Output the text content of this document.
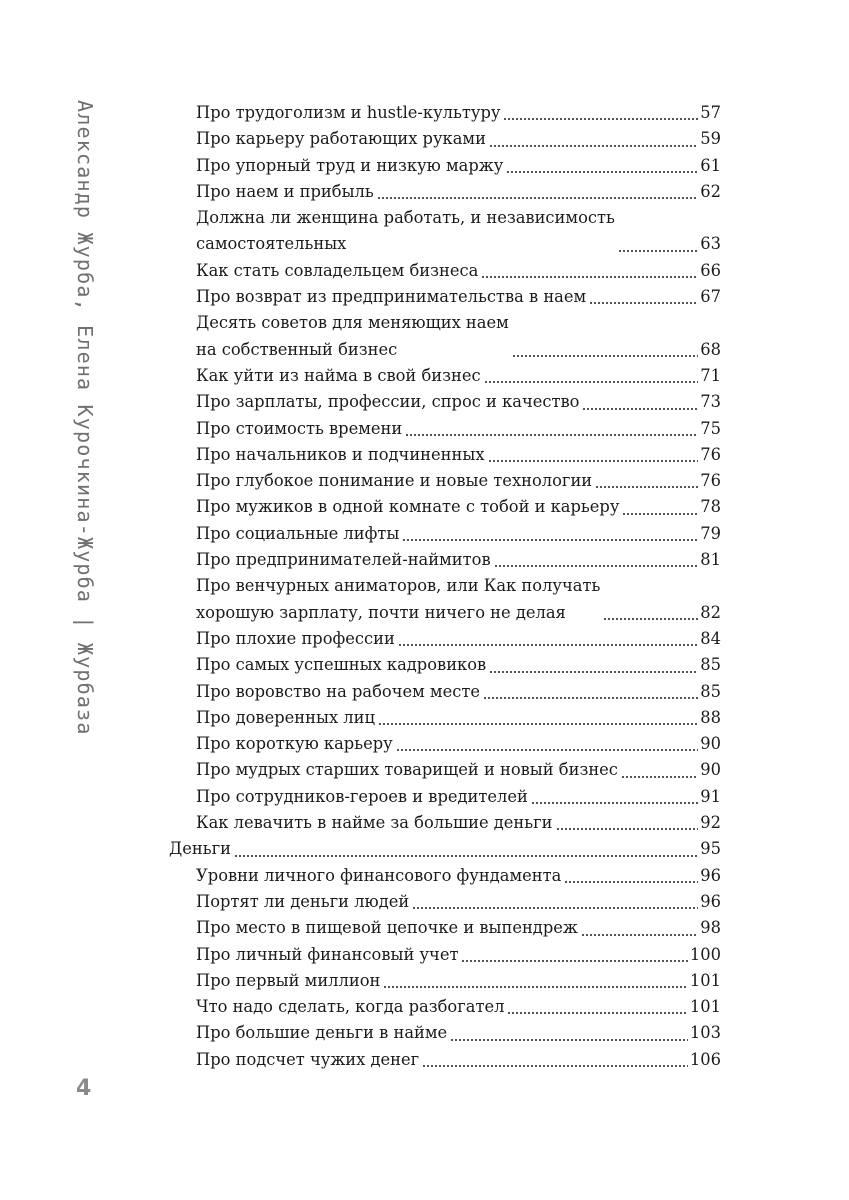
Александр Журба, Елена Курочкина-Журба | Журбаза	Про трудоголизм и hustle-культуру	57
Про карьеру работающих руками	59
Про упорный труд и низкую маржу	61
Про наем и прибыль	62
Должна ли женщина работать, и независимость
самостоятельных	63
Как стать совладельцем бизнеса	66
Про возврат из предпринимательства в наем	67
Десять советов для меняющих наем
на собственный бизнес	68
Как уйти из найма в свой бизнес	71
Про зарплаты, профессии, спрос и качество	73
Про стоимость времени	75
Про начальников и подчиненных	76
Про глубокое понимание и новые технологии	76
Про мужиков в одной комнате с тобой и карьеру	78
Про социальные лифты	79
Про предпринимателей-наймитов	81
Про венчурных аниматоров, или Как получать
хорошую зарплату, почти ничего не делая	82
Про плохие профессии	84
Про самых успешных кадровиков	85
Про воровство на рабочем месте	85
Про доверенных лиц	88
Про короткую карьеру	90
Про мудрых старших товарищей и новый бизнес	90
Про сотрудников-героев и вредителей	91
Как левачить в найме за большие деньги	92
Деньги	95
Уровни личного финансового фундамента	96
Портят ли деньги людей	96
Про место в пищевой цепочке и выпендреж	98
Про личный финансовый учет	100
Про первый миллион	101
Что надо сделать, когда разбогател	101
Про большие деньги в найме	103
Про подсчет чужих денег	106
4
